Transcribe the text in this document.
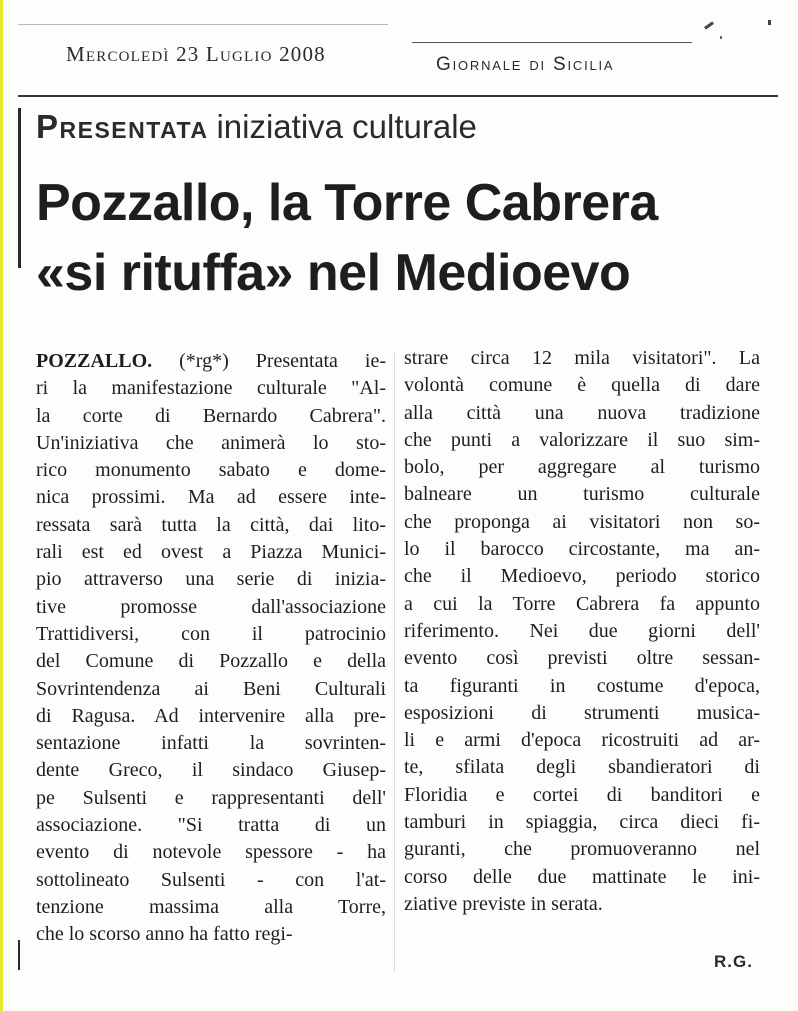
Mercoledì 23 Luglio 2008	Giornale di Sicilia
Presentata iniziativa culturale
Pozzallo, la Torre Cabrera
«si rituffa» nel Medioevo
POZZALLO. (*rg*) Presentata ie-
ri la manifestazione culturale "Al-
la corte di Bernardo Cabrera".
Un'iniziativa che animerà lo sto-
rico monumento sabato e dome-
nica prossimi. Ma ad essere inte-
ressata sarà tutta la città, dai lito-
rali est ed ovest a Piazza Munici-
pio attraverso una serie di inizia-
tive promosse dall'associazione
Trattidiversi, con il patrocinio
del Comune di Pozzallo e della
Sovrintendenza ai Beni Culturali
di Ragusa. Ad intervenire alla pre-
sentazione infatti la sovrinten-
dente Greco, il sindaco Giusep-
pe Sulsenti e rappresentanti dell'
associazione. "Si tratta di un
evento di notevole spessore - ha
sottolineato Sulsenti - con l'at-
tenzione massima alla Torre,
che lo scorso anno ha fatto regi-
strare circa 12 mila visitatori". La
volontà comune è quella di dare
alla città una nuova tradizione
che punti a valorizzare il suo sim-
bolo, per aggregare al turismo
balneare un turismo culturale
che proponga ai visitatori non so-
lo il barocco circostante, ma an-
che il Medioevo, periodo storico
a cui la Torre Cabrera fa appunto
riferimento. Nei due giorni dell'
evento così previsti oltre sessan-
ta figuranti in costume d'epoca,
esposizioni di strumenti musica-
li e armi d'epoca ricostruiti ad ar-
te, sfilata degli sbandieratori di
Floridia e cortei di banditori e
tamburi in spiaggia, circa dieci fi-
guranti, che promuoveranno nel
corso delle due mattinate le ini-
ziative previste in serata.
R.G.
